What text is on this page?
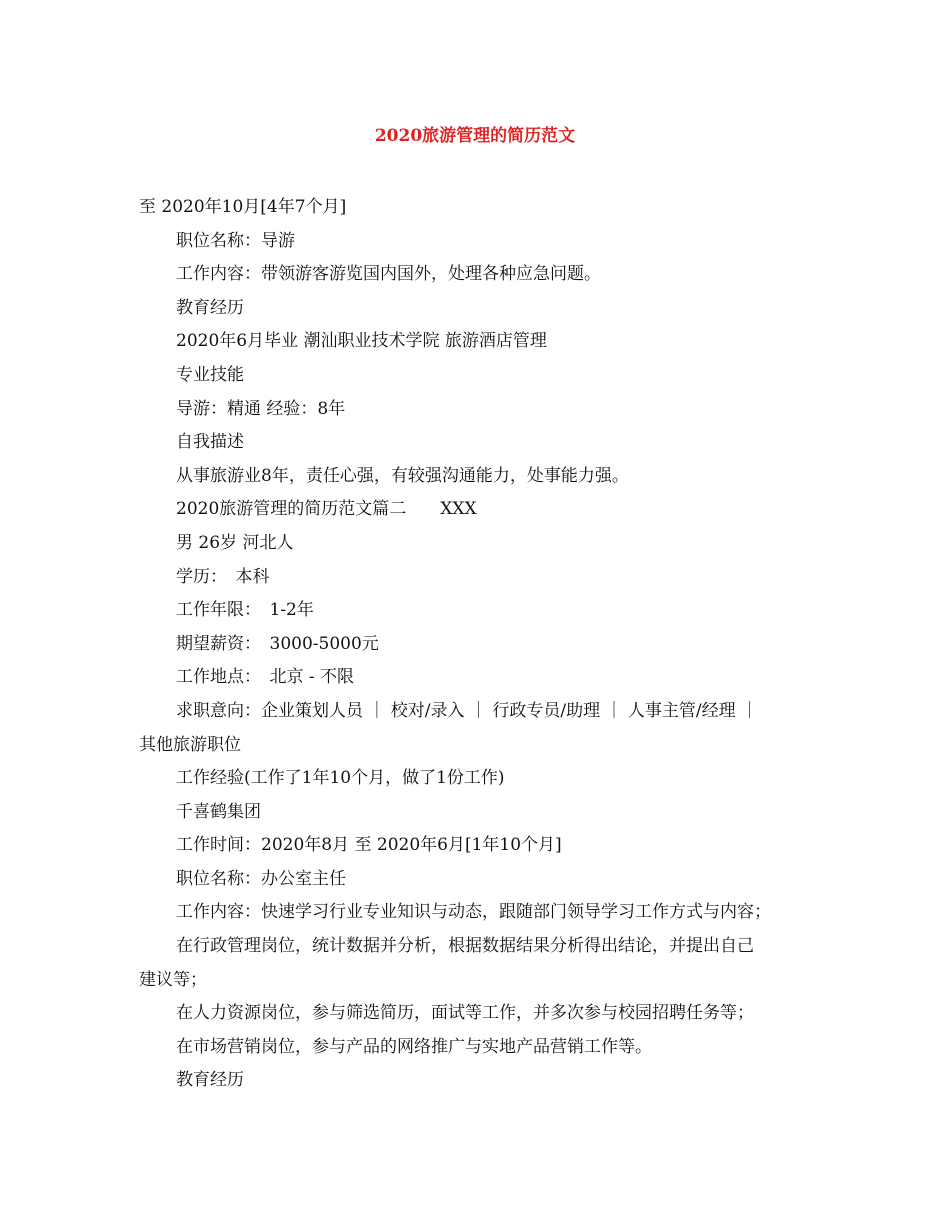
2020旅游管理的简历范文
至 2020年10月[4年7个月]
职位名称：导游
工作内容：带领游客游览国内国外，处理各种应急问题。
教育经历
2020年6月毕业 潮汕职业技术学院 旅游酒店管理
专业技能
导游：精通 经验：8年
自我描述
从事旅游业8年，责任心强，有较强沟通能力，处事能力强。
2020旅游管理的简历范文篇二　　XXX
男 26岁 河北人
学历：　本科
工作年限：　1-2年
期望薪资：　3000-5000元
工作地点：　北京 - 不限
求职意向：企业策划人员 ｜ 校对/录入 ｜ 行政专员/助理 ｜ 人事主管/经理 ｜
其他旅游职位
工作经验(工作了1年10个月，做了1份工作)
千喜鹤集团
工作时间：2020年8月 至 2020年6月[1年10个月]
职位名称：办公室主任
工作内容：快速学习行业专业知识与动态，跟随部门领导学习工作方式与内容；
在行政管理岗位，统计数据并分析，根据数据结果分析得出结论，并提出自己
建议等；
在人力资源岗位，参与筛选简历，面试等工作，并多次参与校园招聘任务等；
在市场营销岗位，参与产品的网络推广与实地产品营销工作等。
教育经历
